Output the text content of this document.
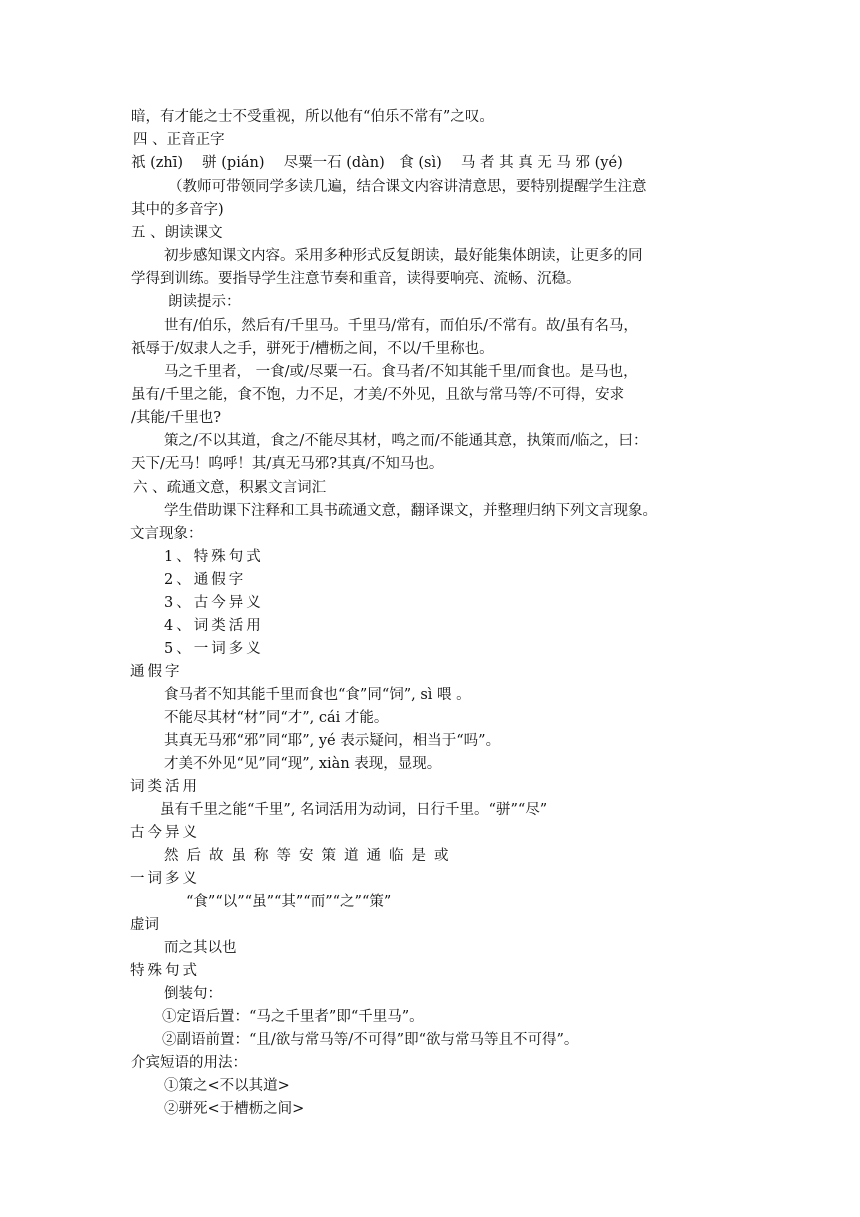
暗，有才能之士不受重视，所以他有“伯乐不常有”之叹。
四 、正音正字
祇 (zhī)　 骈 (pián)　 尽粟一石 (dàn)　食 (sì)　 马 者 其 真 无 马 邪 (yé)
（教师可带领同学多读几遍，结合课文内容讲清意思，要特别提醒学生注意
其中的多音字)
五 、朗读课文
初步感知课文内容。采用多种形式反复朗读，最好能集体朗读，让更多的同
学得到训练。要指导学生注意节奏和重音，读得要响亮、流畅、沉稳。
朗读提示：
世有/伯乐，然后有/千里马。千里马/常有，而伯乐/不常有。故/虽有名马，
祇辱于/奴隶人之手，骈死于/槽枥之间，不以/千里称也。
马之千里者， 一食/或/尽粟一石。食马者/不知其能千里/而食也。是马也，
虽有/千里之能，食不饱，力不足，才美/不外见，且欲与常马等/不可得，安求
/其能/千里也?
策之/不以其道，食之/不能尽其材，鸣之而/不能通其意，执策而/临之，曰：
天下/无马！呜呼！其/真无马邪?其真/不知马也。
六 、疏通文意，积累文言词汇
学生借助课下注释和工具书疏通文意，翻译课文，并整理归纳下列文言现象。
文言现象：
1、特殊句式
2、通假字
3、古今异义
4、词类活用
5、一词多义
通假字
食马者不知其能千里而食也“食”同“饲”, sì 喂 。
不能尽其材“材”同“才”, cái 才能。
其真无马邪“邪”同“耶”, yé 表示疑问，相当于“吗”。
才美不外见“见”同“现”, xiàn 表现，显现。
词类活用
虽有千里之能“千里”, 名词活用为动词，日行千里。“骈”“尽”
古今异义
然后故虽称等安策道通临是或
一词多义
“食”“以”“虽”“其”“而”“之”“策”
虚词
而之其以也
特殊句式
倒装句：
①定语后置：“马之千里者”即“千里马”。
②副语前置：“且/欲与常马等/不可得”即“欲与常马等且不可得”。
介宾短语的用法：
①策之<不以其道>
②骈死<于槽枥之间>
